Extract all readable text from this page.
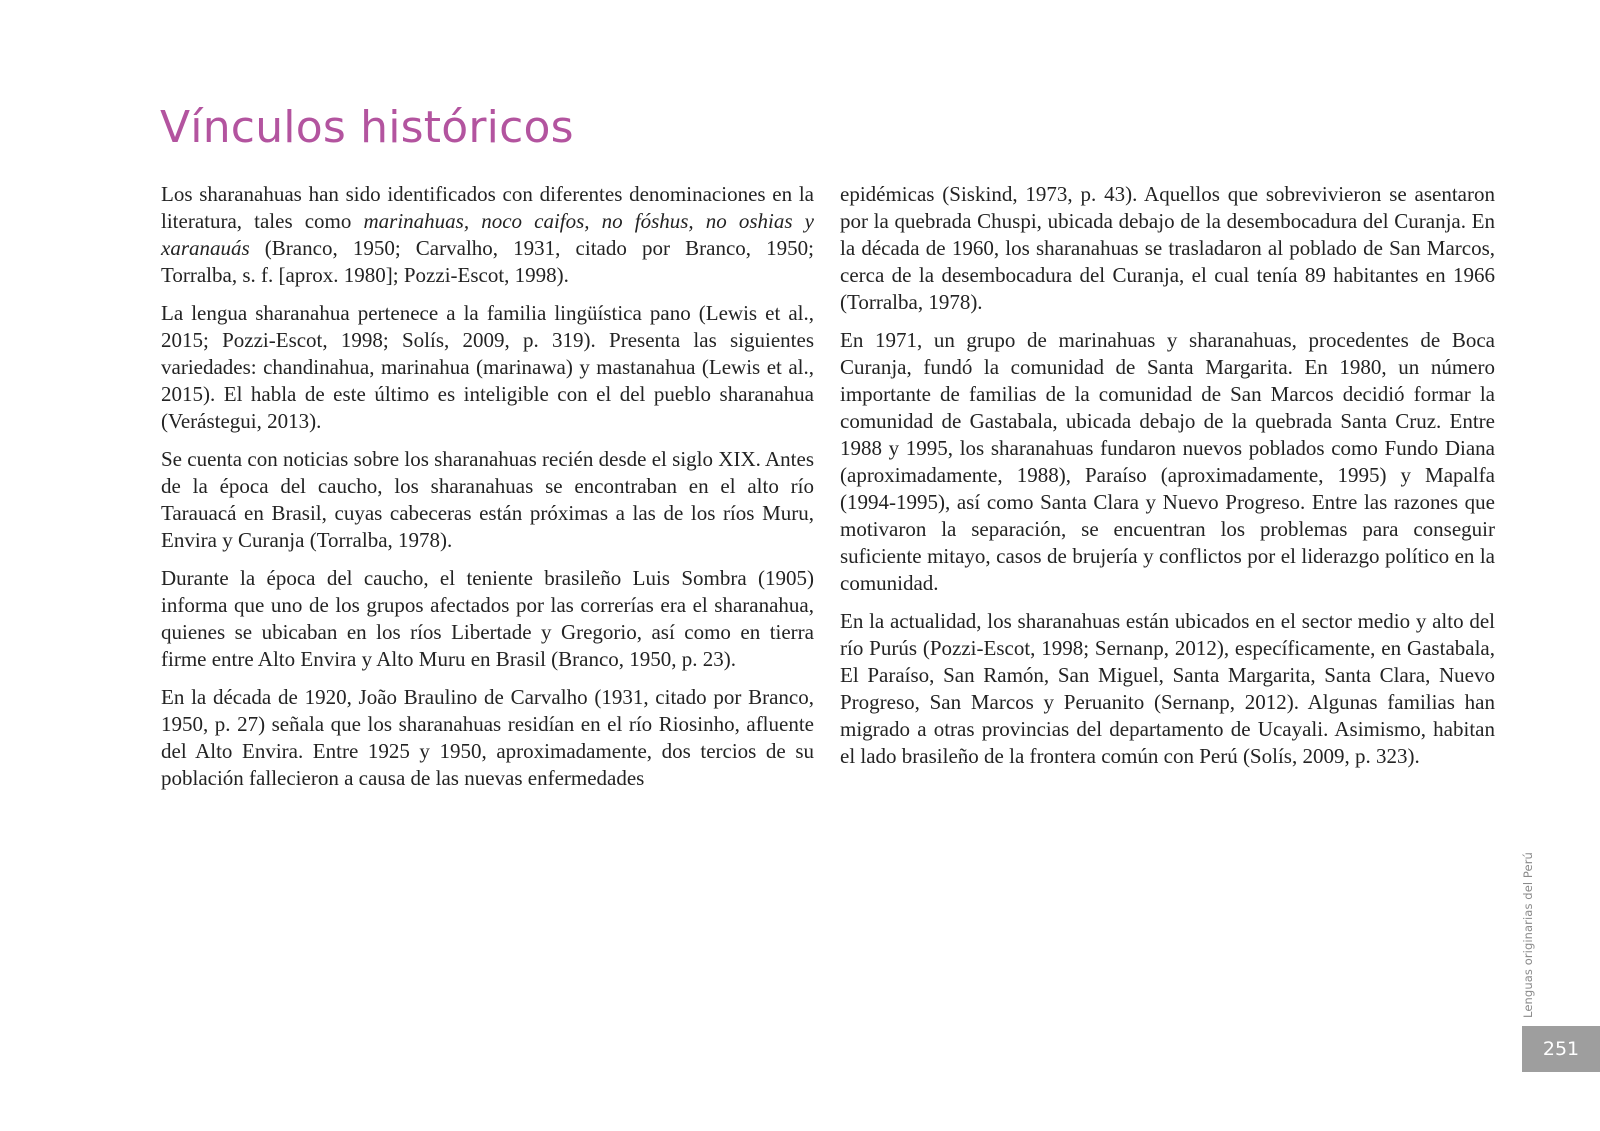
Vínculos históricos

Los sharanahuas han sido identificados con diferentes denominaciones en la literatura, tales como marinahuas, noco caifos, no fóshus, no oshias y xaranauás (Branco, 1950; Carvalho, 1931, citado por Branco, 1950; Torralba, s. f. [aprox. 1980]; Pozzi-Escot, 1998).

La lengua sharanahua pertenece a la familia lingüística pano (Lewis et al., 2015; Pozzi-Escot, 1998; Solís, 2009, p. 319). Presenta las siguientes variedades: chandinahua, marinahua (marinawa) y mastanahua (Lewis et al., 2015). El habla de este último es inteligible con el del pueblo sharanahua (Verástegui, 2013).

Se cuenta con noticias sobre los sharanahuas recién desde el siglo XIX. Antes de la época del caucho, los sharanahuas se encontraban en el alto río Tarauacá en Brasil, cuyas cabeceras están próximas a las de los ríos Muru, Envira y Curanja (Torralba, 1978).

Durante la época del caucho, el teniente brasileño Luis Sombra (1905) informa que uno de los grupos afectados por las correrías era el sharanahua, quienes se ubicaban en los ríos Libertade y Gregorio, así como en tierra firme entre Alto Envira y Alto Muru en Brasil (Branco, 1950, p. 23).

En la década de 1920, João Braulino de Carvalho (1931, citado por Branco, 1950, p. 27) señala que los sharanahuas residían en el río Riosinho, afluente del Alto Envira. Entre 1925 y 1950, aproximadamente, dos tercios de su población fallecieron a causa de las nuevas enfermedades

epidémicas (Siskind, 1973, p. 43). Aquellos que sobrevivieron se asentaron por la quebrada Chuspi, ubicada debajo de la desembocadura del Curanja. En la década de 1960, los sharanahuas se trasladaron al poblado de San Marcos, cerca de la desembocadura del Curanja, el cual tenía 89 habitantes en 1966 (Torralba, 1978).

En 1971, un grupo de marinahuas y sharanahuas, procedentes de Boca Curanja, fundó la comunidad de Santa Margarita. En 1980, un número importante de familias de la comunidad de San Marcos decidió formar la comunidad de Gastabala, ubicada debajo de la quebrada Santa Cruz. Entre 1988 y 1995, los sharanahuas fundaron nuevos poblados como Fundo Diana (aproximadamente, 1988), Paraíso (aproximadamente, 1995) y Mapalfa (1994-1995), así como Santa Clara y Nuevo Progreso. Entre las razones que motivaron la separación, se encuentran los problemas para conseguir suficiente mitayo, casos de brujería y conflictos por el liderazgo político en la comunidad.

En la actualidad, los sharanahuas están ubicados en el sector medio y alto del río Purús (Pozzi-Escot, 1998; Sernanp, 2012), específicamente, en Gastabala, El Paraíso, San Ramón, San Miguel, Santa Margarita, Santa Clara, Nuevo Progreso, San Marcos y Peruanito (Sernanp, 2012). Algunas familias han migrado a otras provincias del departamento de Ucayali. Asimismo, habitan el lado brasileño de la frontera común con Perú (Solís, 2009, p. 323).

Lenguas originarias del Perú
251
